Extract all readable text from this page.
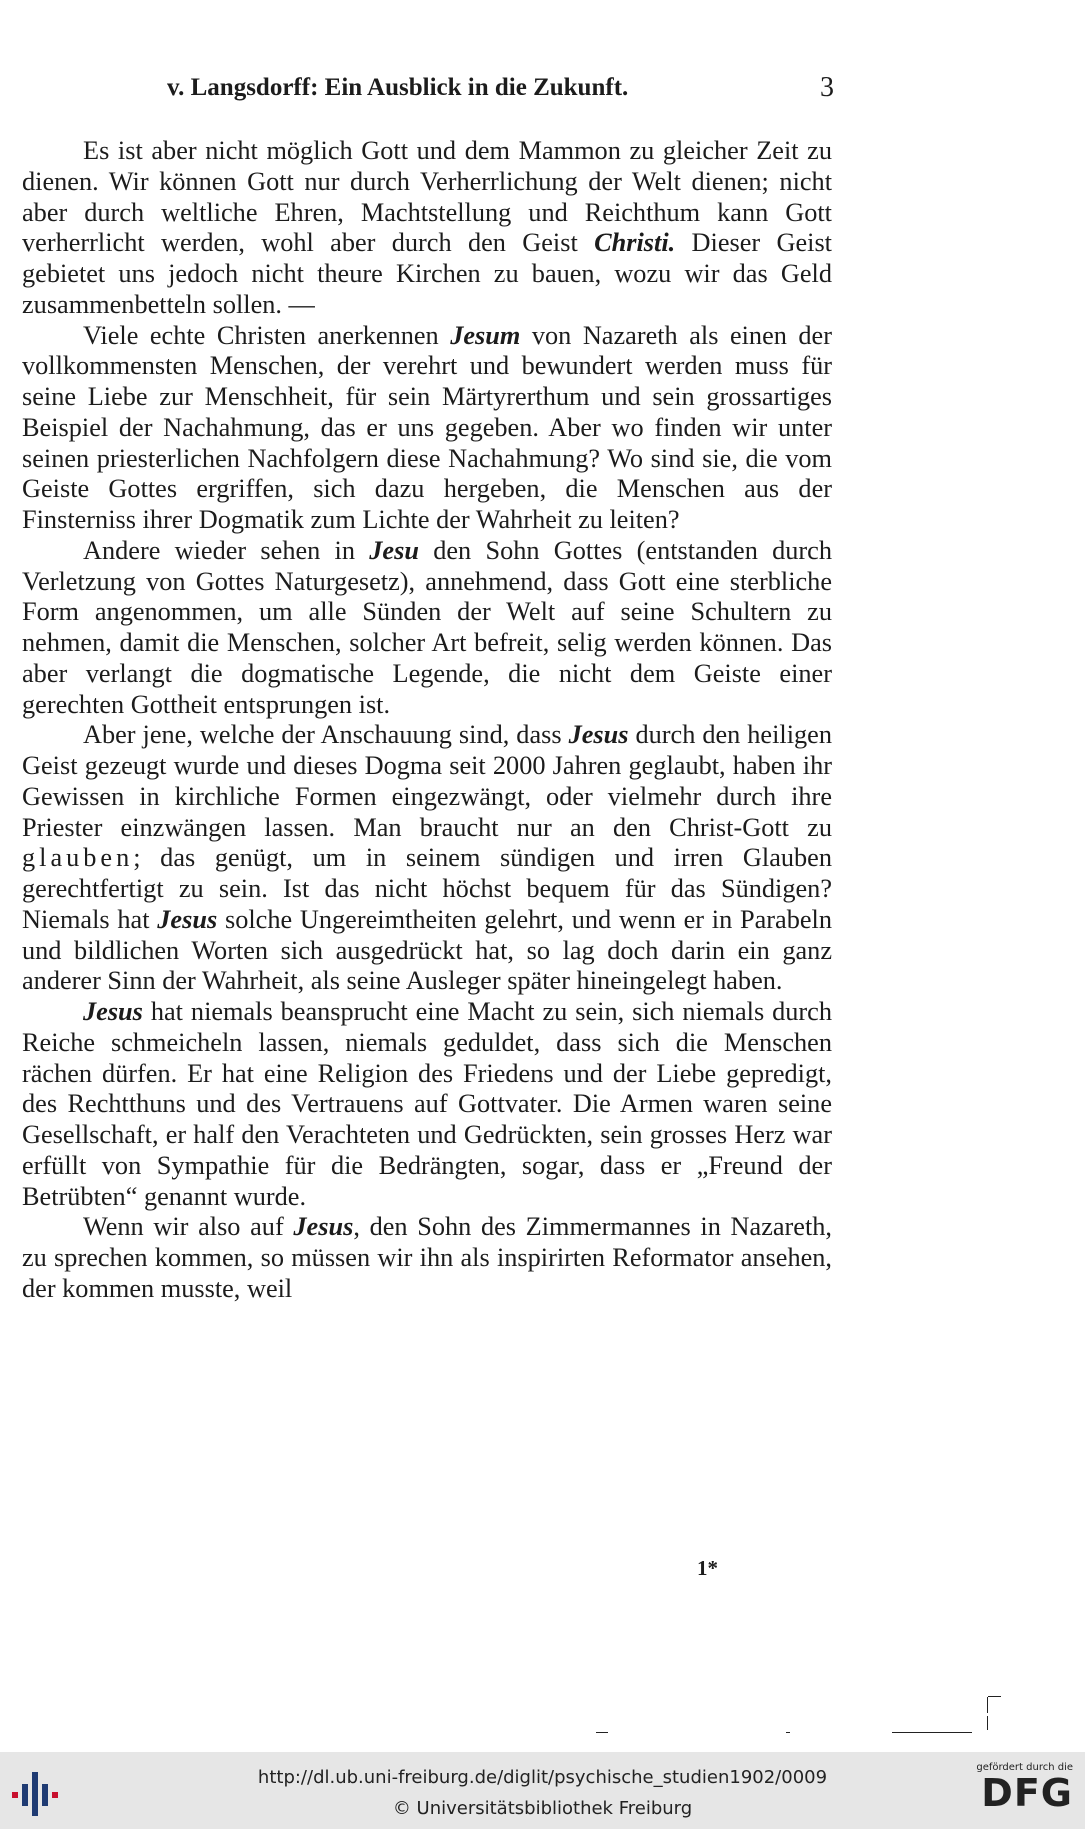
v. Langsdorff: Ein Ausblick in die Zukunft.	3

Es ist aber nicht möglich Gott und dem Mammon zu gleicher Zeit zu dienen. Wir können Gott nur durch Verherrlichung der Welt dienen; nicht aber durch weltliche Ehren, Machtstellung und Reichthum kann Gott verherrlicht werden, wohl aber durch den Geist Christi. Dieser Geist gebietet uns jedoch nicht theure Kirchen zu bauen, wozu wir das Geld zusammenbetteln sollen. —

Viele echte Christen anerkennen Jesum von Nazareth als einen der vollkommensten Menschen, der verehrt und bewundert werden muss für seine Liebe zur Menschheit, für sein Märtyrerthum und sein grossartiges Beispiel der Nachahmung, das er uns gegeben. Aber wo finden wir unter seinen priesterlichen Nachfolgern diese Nachahmung? Wo sind sie, die vom Geiste Gottes ergriffen, sich dazu hergeben, die Menschen aus der Finsterniss ihrer Dogmatik zum Lichte der Wahrheit zu leiten?

Andere wieder sehen in Jesu den Sohn Gottes (entstanden durch Verletzung von Gottes Naturgesetz), annehmend, dass Gott eine sterbliche Form angenommen, um alle Sünden der Welt auf seine Schultern zu nehmen, damit die Menschen, solcher Art befreit, selig werden können. Das aber verlangt die dogmatische Legende, die nicht dem Geiste einer gerechten Gottheit entsprungen ist.

Aber jene, welche der Anschauung sind, dass Jesus durch den heiligen Geist gezeugt wurde und dieses Dogma seit 2000 Jahren geglaubt, haben ihr Gewissen in kirchliche Formen eingezwängt, oder vielmehr durch ihre Priester einzwängen lassen. Man braucht nur an den Christ-Gott zu glauben; das genügt, um in seinem sündigen und irren Glauben gerechtfertigt zu sein. Ist das nicht höchst bequem für das Sündigen? Niemals hat Jesus solche Ungereimtheiten gelehrt, und wenn er in Parabeln und bildlichen Worten sich ausgedrückt hat, so lag doch darin ein ganz anderer Sinn der Wahrheit, als seine Ausleger später hineingelegt haben.

Jesus hat niemals beansprucht eine Macht zu sein, sich niemals durch Reiche schmeicheln lassen, niemals geduldet, dass sich die Menschen rächen dürfen. Er hat eine Religion des Friedens und der Liebe gepredigt, des Rechtthuns und des Vertrauens auf Gottvater. Die Armen waren seine Gesellschaft, er half den Verachteten und Gedrückten, sein grosses Herz war erfüllt von Sympathie für die Bedrängten, sogar, dass er „Freund der Betrübten“ genannt wurde.

Wenn wir also auf Jesus, den Sohn des Zimmermannes in Nazareth, zu sprechen kommen, so müssen wir ihn als inspirirten Reformator ansehen, der kommen musste, weil

1*
http://dl.ub.uni-freiburg.de/diglit/psychische_studien1902/0009
© Universitätsbibliothek Freiburg
gefördert durch die
DFG
